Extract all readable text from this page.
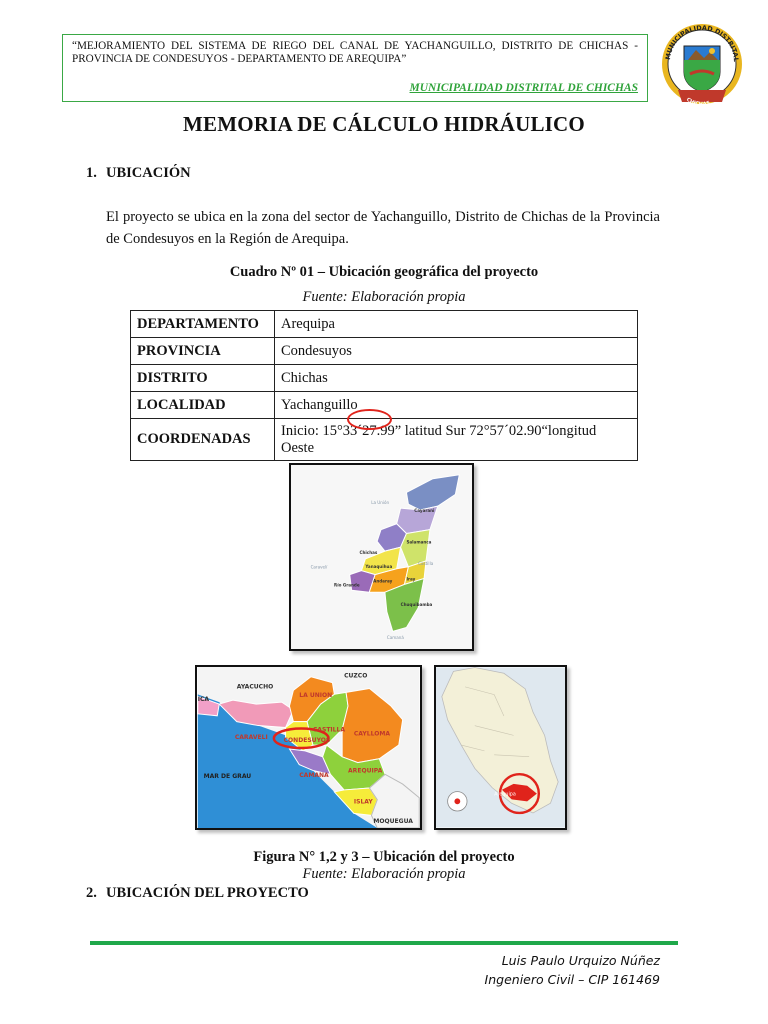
“MEJORAMIENTO DEL SISTEMA DE RIEGO DEL CANAL DE YACHANGUILLO, DISTRITO DE CHICHAS - PROVINCIA DE CONDESUYOS - DEPARTAMENTO DE AREQUIPA”
MUNICIPALIDAD DISTRITAL DE CHICHAS
MUNICIPALIDAD DISTRITAL
CHICHAS
MEMORIA DE CÁLCULO HIDRÁULICO
1. UBICACIÓN
El proyecto se ubica en la zona del sector de Yachanguillo, Distrito de Chichas de la Provincia de Condesuyos en la Región de Arequipa.
Cuadro Nº 01 – Ubicación geográfica del proyecto
Fuente: Elaboración propia
DEPARTAMENTO	Arequipa
PROVINCIA	Condesuyos
DISTRITO	Chichas
LOCALIDAD	Yachanguillo
COORDENADAS	Inicio: 15°33´27.99” latitud Sur 72°57´02.90“longitud Oeste
La Unión
Cayarani
Salamanca
Chichas
Castilla
Camaná
Yanaquihua
Andaray	Iray
Río Grande
Chuquibamba
Caravelí
CUZCO
AYACUCHO
ICA
LA UNION
CARAVELI	CONDESUYOS
CASTILLA
CAYLLOMA
AREQUIPA
CAMANA
MAR DE GRAU
ISLAY
MOQUEGUA
Arequipa
Figura N° 1,2 y 3 – Ubicación del proyecto
Fuente: Elaboración propia
2. UBICACIÓN DEL PROYECTO
Luis Paulo Urquizo Núñez
Ingeniero Civil – CIP 161469
